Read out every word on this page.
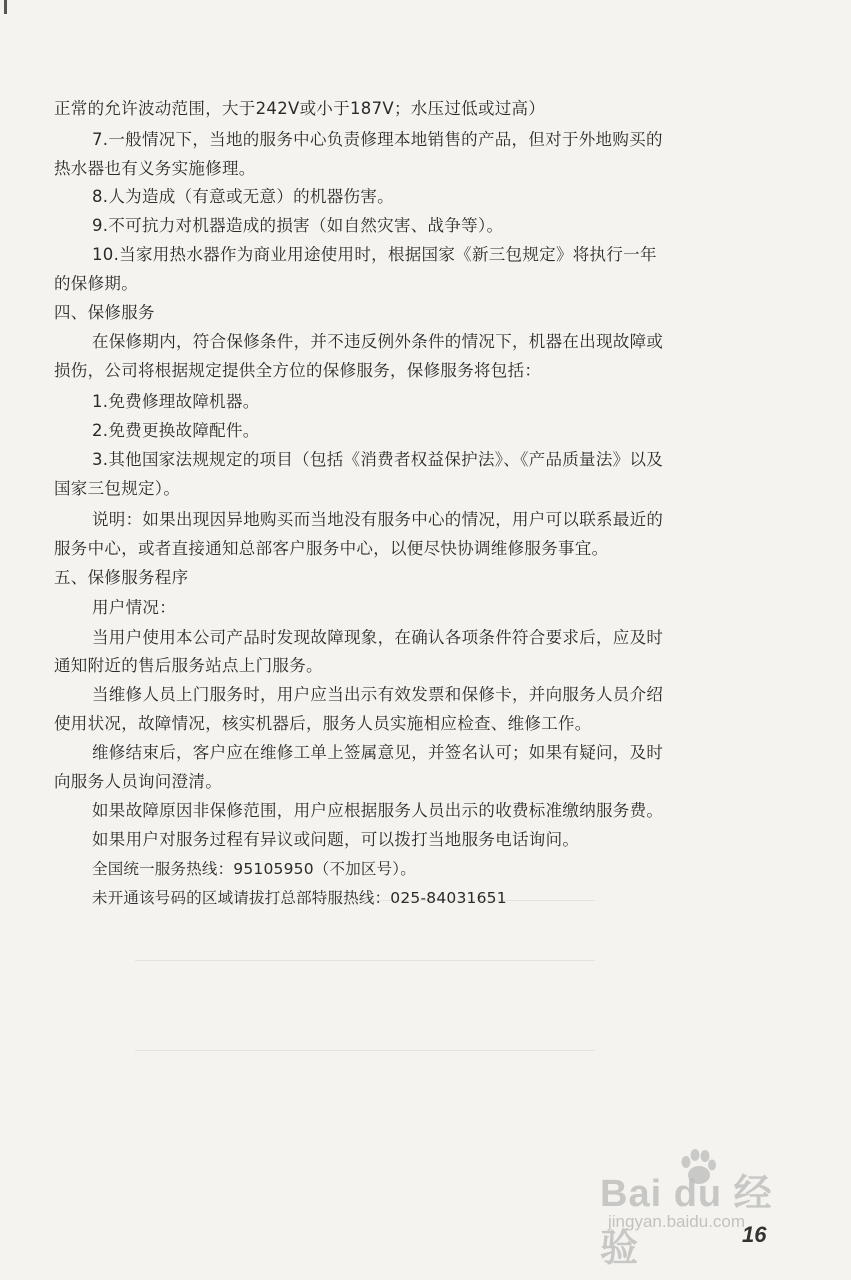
正常的允许波动范围，大于242V或小于187V；水压过低或过高）
7.一般情况下，当地的服务中心负责修理本地销售的产品，但对于外地购买的
热水器也有义务实施修理。
8.人为造成（有意或无意）的机器伤害。
9.不可抗力对机器造成的损害（如自然灾害、战争等）。
10.当家用热水器作为商业用途使用时，根据国家《新三包规定》将执行一年
的保修期。
四、保修服务
在保修期内，符合保修条件，并不违反例外条件的情况下，机器在出现故障或
损伤，公司将根据规定提供全方位的保修服务，保修服务将包括：
1.免费修理故障机器。
2.免费更换故障配件。
3.其他国家法规规定的项目（包括《消费者权益保护法》、《产品质量法》以及
国家三包规定）。
说明：如果出现因异地购买而当地没有服务中心的情况，用户可以联系最近的
服务中心，或者直接通知总部客户服务中心，以便尽快协调维修服务事宜。
五、保修服务程序
用户情况：
当用户使用本公司产品时发现故障现象，在确认各项条件符合要求后，应及时
通知附近的售后服务站点上门服务。
当维修人员上门服务时，用户应当出示有效发票和保修卡，并向服务人员介绍
使用状况，故障情况，核实机器后，服务人员实施相应检查、维修工作。
维修结束后，客户应在维修工单上签属意见，并签名认可；如果有疑问，及时
向服务人员询问澄清。
如果故障原因非保修范围，用户应根据服务人员出示的收费标准缴纳服务费。
如果用户对服务过程有异议或问题，可以拨打当地服务电话询问。
全国统一服务热线：95105950（不加区号）。
未开通该号码的区域请拔打总部特服热线：025-84031651
Bai du 经验
jingyan.baidu.com
16
